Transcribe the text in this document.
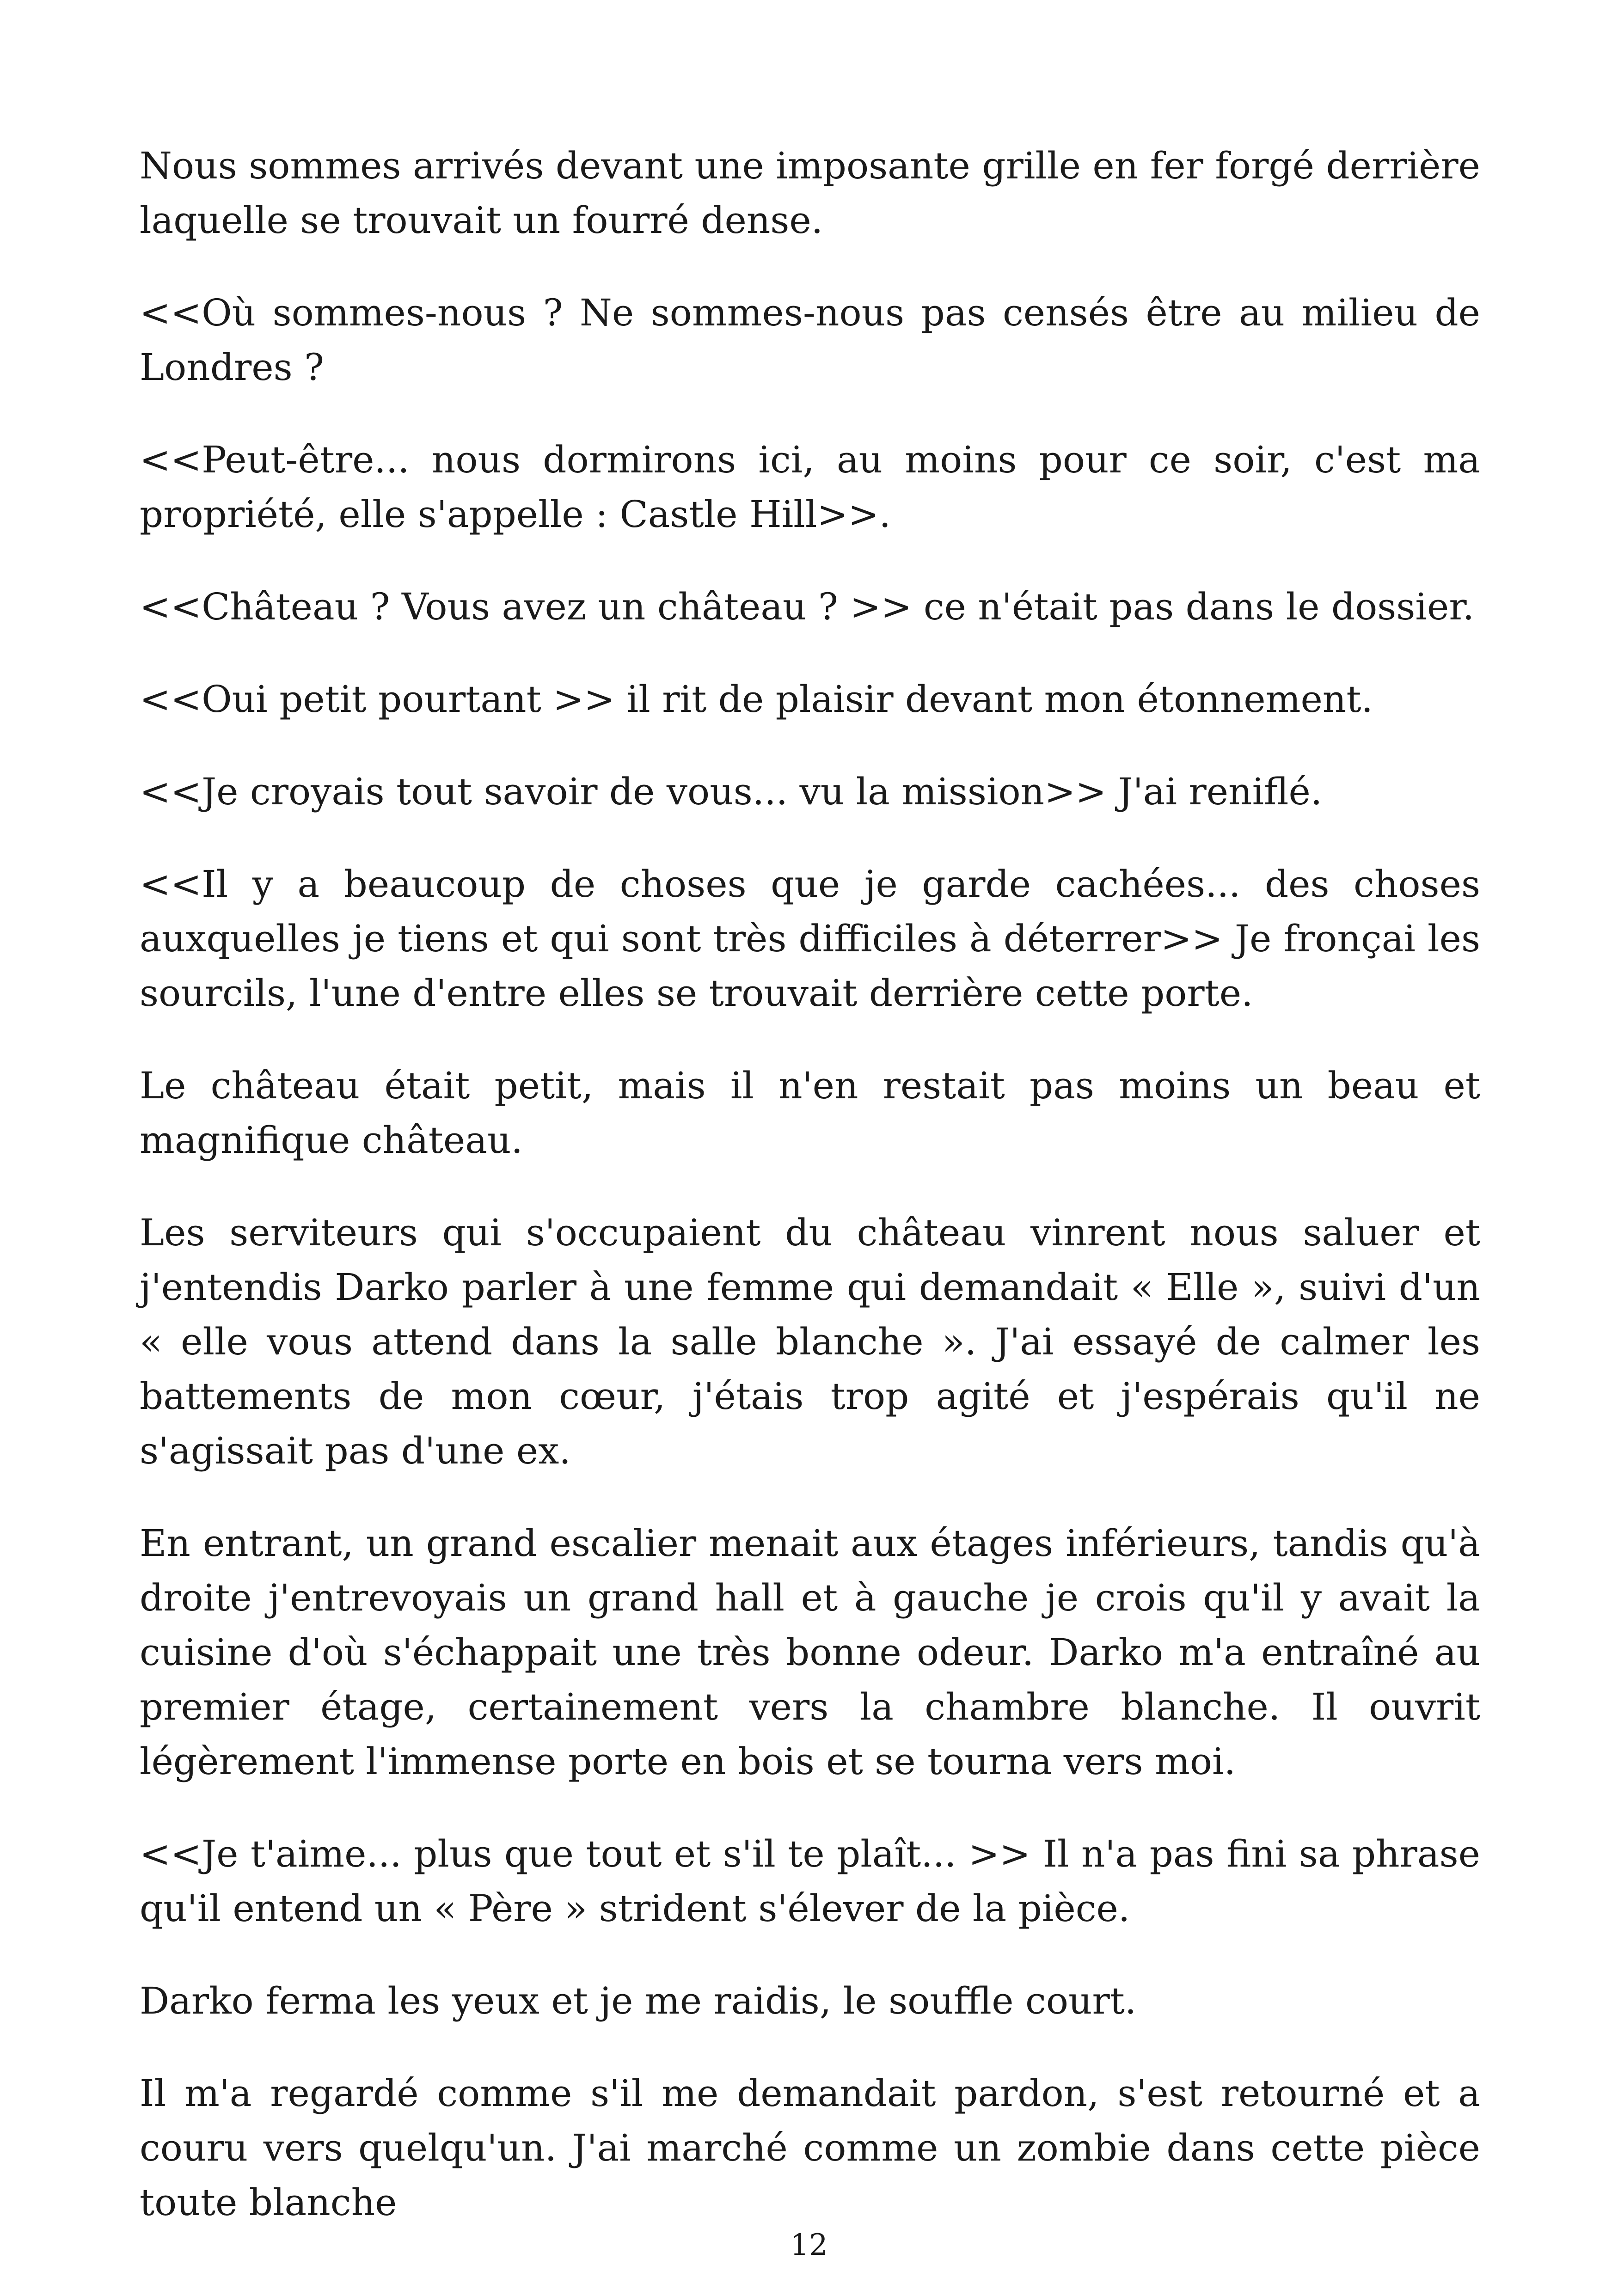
Nous sommes arrivés devant une imposante grille en fer forgé derrière laquelle se trouvait un fourré dense.

<<Où sommes-nous ? Ne sommes-nous pas censés être au milieu de Londres ?

<<Peut-être... nous dormirons ici, au moins pour ce soir, c'est ma propriété, elle s'appelle : Castle Hill>>.

<<Château ? Vous avez un château ? >> ce n'était pas dans le dossier.

<<Oui petit pourtant >> il rit de plaisir devant mon étonnement.

<<Je croyais tout savoir de vous... vu la mission>> J'ai reniflé.

<<Il y a beaucoup de choses que je garde cachées... des choses auxquelles je tiens et qui sont très difficiles à déterrer>> Je fronçai les sourcils, l'une d'entre elles se trouvait derrière cette porte.

Le château était petit, mais il n'en restait pas moins un beau et magnifique château.

Les serviteurs qui s'occupaient du château vinrent nous saluer et j'entendis Darko parler à une femme qui demandait « Elle », suivi d'un « elle vous attend dans la salle blanche ». J'ai essayé de calmer les battements de mon cœur, j'étais trop agité et j'espérais qu'il ne s'agissait pas d'une ex.

En entrant, un grand escalier menait aux étages inférieurs, tandis qu'à droite j'entrevoyais un grand hall et à gauche je crois qu'il y avait la cuisine d'où s'échappait une très bonne odeur. Darko m'a entraîné au premier étage, certainement vers la chambre blanche. Il ouvrit légèrement l'immense porte en bois et se tourna vers moi.

<<Je t'aime... plus que tout et s'il te plaît... >> Il n'a pas fini sa phrase qu'il entend un « Père » strident s'élever de la pièce.

Darko ferma les yeux et je me raidis, le souffle court.

Il m'a regardé comme s'il me demandait pardon, s'est retourné et a couru vers quelqu'un. J'ai marché comme un zombie dans cette pièce toute blanche

12
